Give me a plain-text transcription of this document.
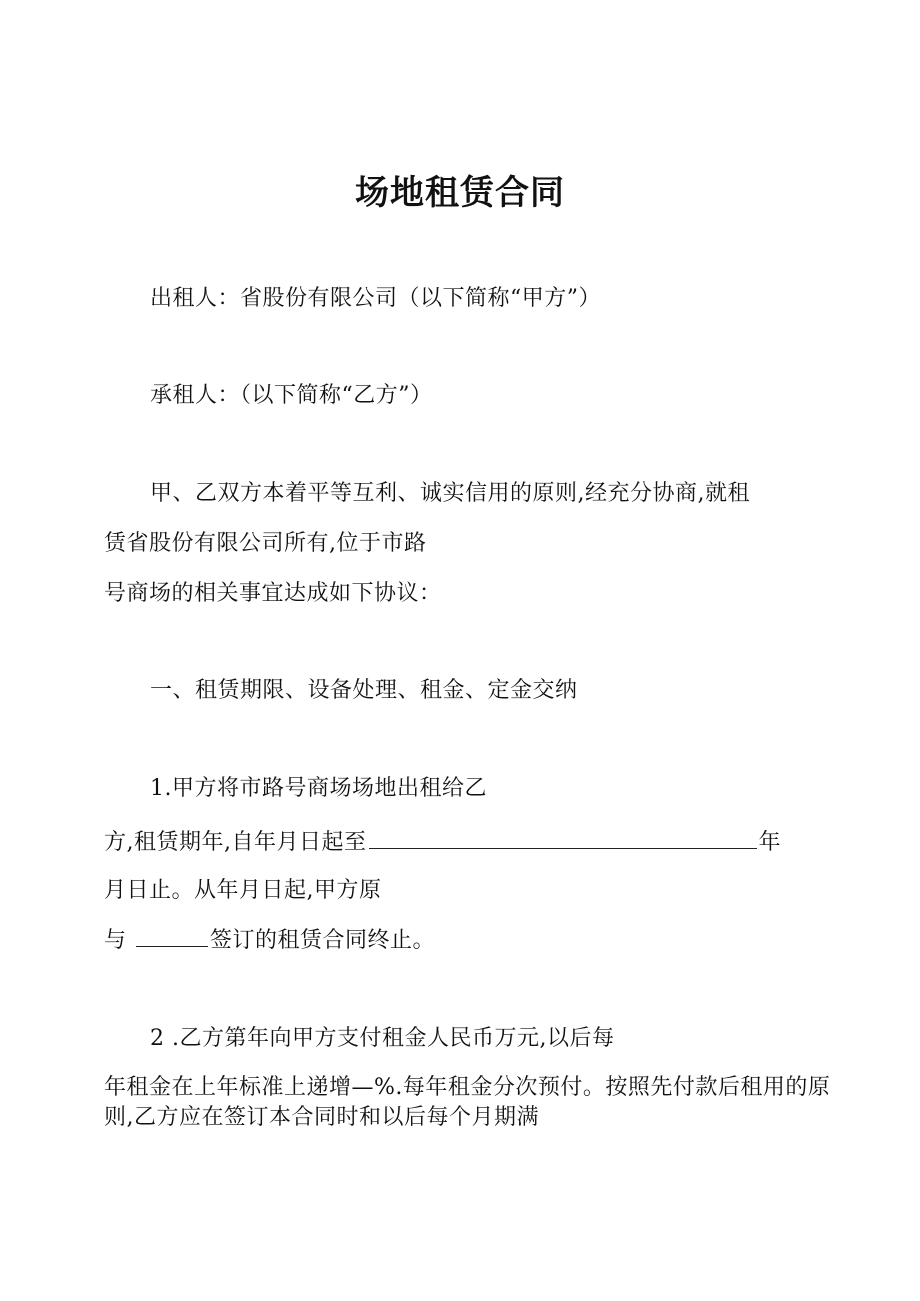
场地租赁合同
出租人：省股份有限公司（以下简称“甲方”）
承租人：（以下简称“乙方”）
甲、乙双方本着平等互利、诚实信用的原则,经充分协商,就租
赁省股份有限公司所有,位于市路
号商场的相关事宜达成如下协议：
一、租赁期限、设备处理、租金、定金交纳
1.甲方将市路号商场场地出租给乙
方,租赁期年,自年月日起至	年
月日止。从年月日起,甲方原
与	签订的租赁合同终止。
2 .乙方第年向甲方支付租金人民币万元,以后每
年租金在上年标准上递增—%.每年租金分次预付。按照先付款后租用的原
则,乙方应在签订本合同时和以后每个月期满
